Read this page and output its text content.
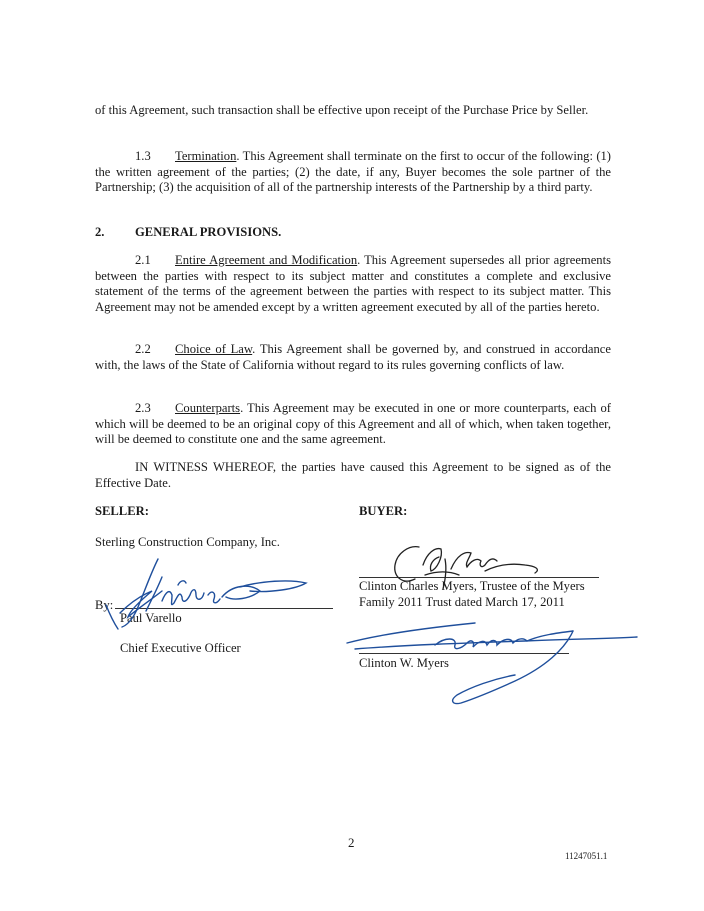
of this Agreement, such transaction shall be effective upon receipt of the Purchase Price by Seller.
1.3 Termination. This Agreement shall terminate on the first to occur of the following: (1) the written agreement of the parties; (2) the date, if any, Buyer becomes the sole partner of the Partnership; (3) the acquisition of all of the partnership interests of the Partnership by a third party.
2. GENERAL PROVISIONS.
2.1 Entire Agreement and Modification. This Agreement supersedes all prior agreements between the parties with respect to its subject matter and constitutes a complete and exclusive statement of the terms of the agreement between the parties with respect to its subject matter. This Agreement may not be amended except by a written agreement executed by all of the parties hereto.
2.2 Choice of Law. This Agreement shall be governed by, and construed in accordance with, the laws of the State of California without regard to its rules governing conflicts of law.
2.3 Counterparts. This Agreement may be executed in one or more counterparts, each of which will be deemed to be an original copy of this Agreement and all of which, when taken together, will be deemed to constitute one and the same agreement.
IN WITNESS WHEREOF, the parties have caused this Agreement to be signed as of the Effective Date.
SELLER:	BUYER:
Sterling Construction Company, Inc.
By:
Paul Varello
Chief Executive Officer
Clinton Charles Myers, Trustee of the Myers
Family 2011 Trust dated March 17, 2011
Clinton W. Myers
2
11247051.1
